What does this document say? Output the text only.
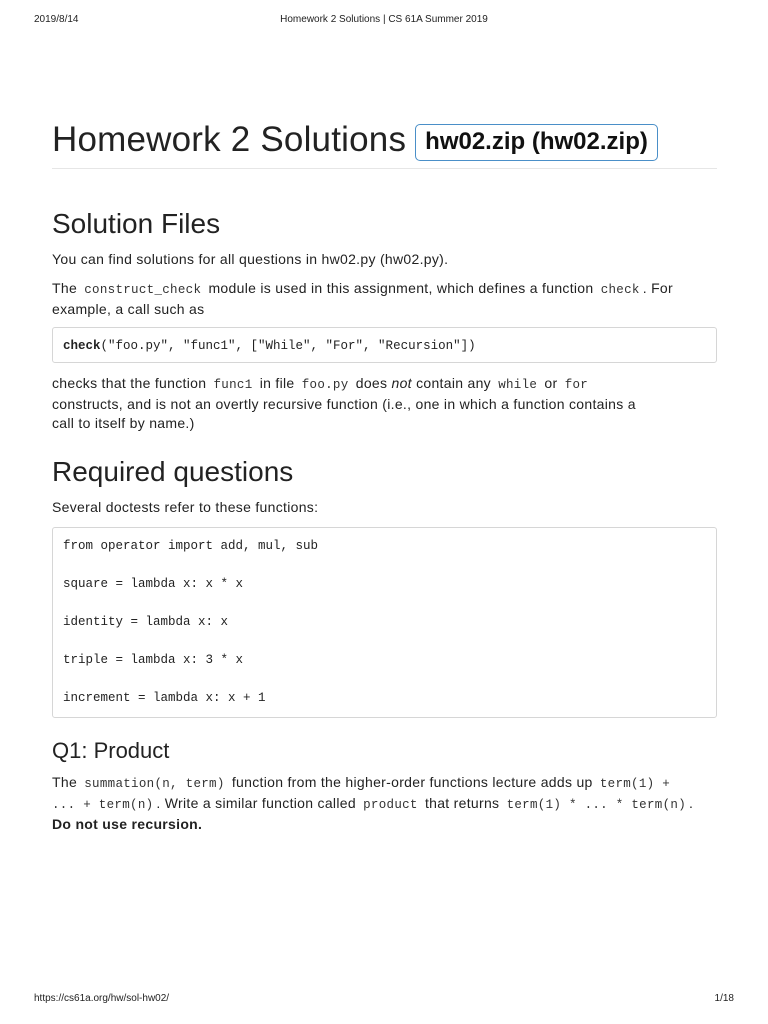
2019/8/14	Homework 2 Solutions | CS 61A Summer 2019
Homework 2 Solutions hw02.zip (hw02.zip)
Solution Files

You can find solutions for all questions in hw02.py (hw02.py).

The construct_check module is used in this assignment, which defines a function check . For
example, a call such as

check("foo.py", "func1", ["While", "For", "Recursion"])

checks that the function func1 in file foo.py does not contain any while or for
constructs, and is not an overtly recursive function (i.e., one in which a function contains a
call to itself by name.)

Required questions

Several doctests refer to these functions:

from operator import add, mul, sub
square = lambda x: x * x
identity = lambda x: x
triple = lambda x: 3 * x
increment = lambda x: x + 1
Q1: Product

The summation(n, term) function from the higher-order functions lecture adds up term(1) +
... + term(n) . Write a similar function called product that returns term(1) * ... * term(n) .
Do not use recursion.

https://cs61a.org/hw/sol-hw02/	1/18
